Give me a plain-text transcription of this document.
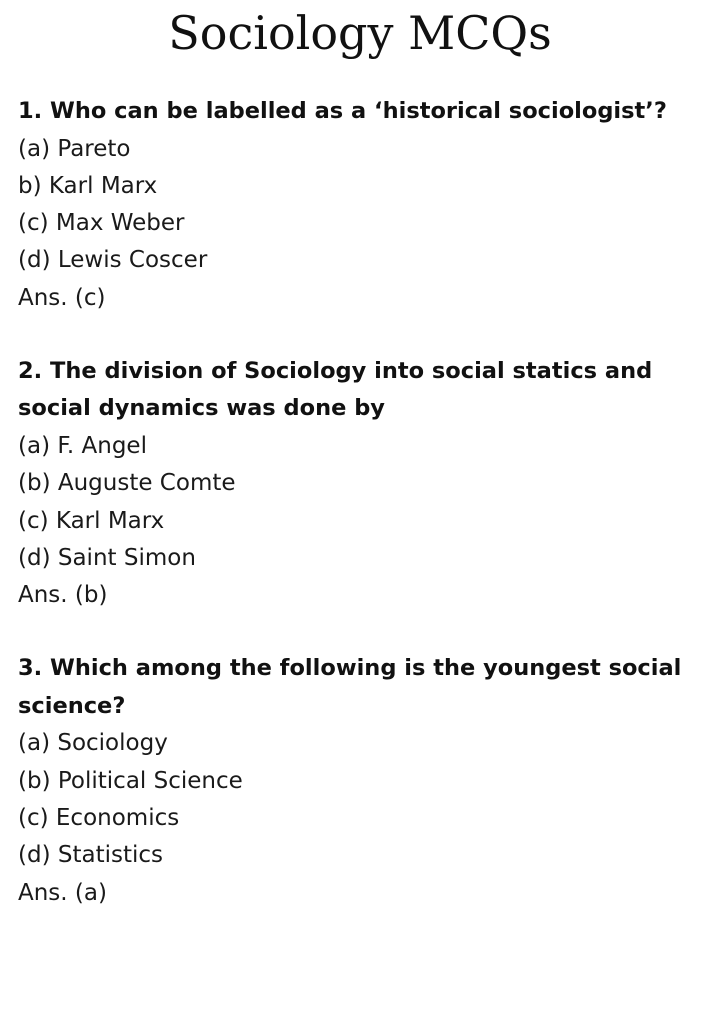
Sociology MCQs
1. Who can be labelled as a ‘historical sociologist’?
(a) Pareto
b) Karl Marx
(c) Max Weber
(d) Lewis Coscer
Ans. (c)
2. The division of Sociology into social statics and social dynamics was done by
(a) F. Angel
(b) Auguste Comte
(c) Karl Marx
(d) Saint Simon
Ans. (b)
3. Which among the following is the youngest social science?
(a) Sociology
(b) Political Science
(c) Economics
(d) Statistics
Ans. (a)
